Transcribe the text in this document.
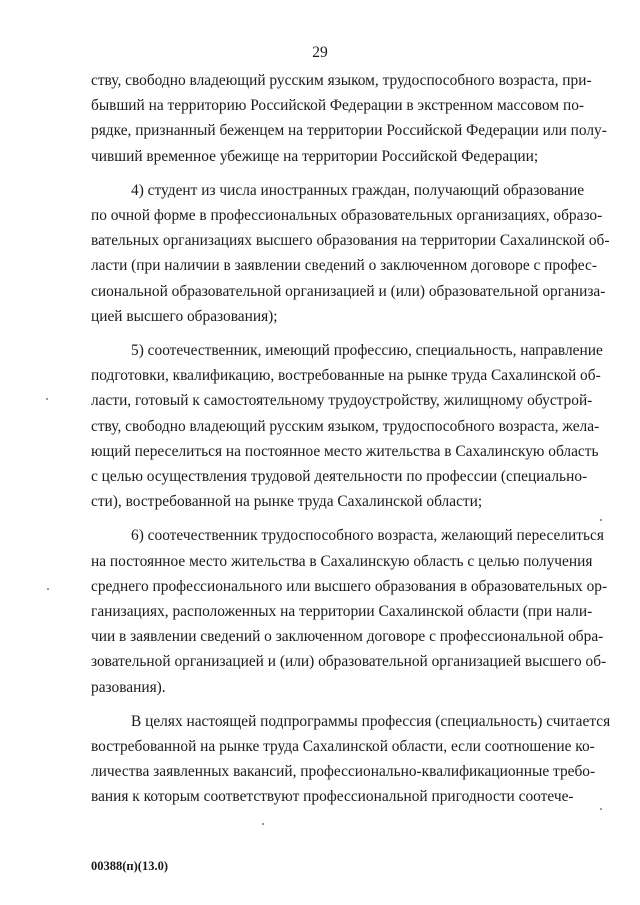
29

ству, свободно владеющий русским языком, трудоспособного возраста, при-
бывший на территорию Российской Федерации в экстренном массовом по-
рядке, признанный беженцем на территории Российской Федерации или полу-
чивший временное убежище на территории Российской Федерации;

4) студент из числа иностранных граждан, получающий образование
по очной форме в профессиональных образовательных организациях, образо-
вательных организациях высшего образования на территории Сахалинской об-
ласти (при наличии в заявлении сведений о заключенном договоре с профес-
сиональной образовательной организацией и (или) образовательной организа-
цией высшего образования);

5) соотечественник, имеющий профессию, специальность, направление
подготовки, квалификацию, востребованные на рынке труда Сахалинской об-
ласти, готовый к самостоятельному трудоустройству, жилищному обустрой-
ству, свободно владеющий русским языком, трудоспособного возраста, жела-
ющий переселиться на постоянное место жительства в Сахалинскую область
с целью осуществления трудовой деятельности по профессии (специально-
сти), востребованной на рынке труда Сахалинской области;

6) соотечественник трудоспособного возраста, желающий переселиться
на постоянное место жительства в Сахалинскую область с целью получения
среднего профессионального или высшего образования в образовательных ор-
ганизациях, расположенных на территории Сахалинской области (при нали-
чии в заявлении сведений о заключенном договоре с профессиональной обра-
зовательной организацией и (или) образовательной организацией высшего об-
разования).

В целях настоящей подпрограммы профессия (специальность) считается
востребованной на рынке труда Сахалинской области, если соотношение ко-
личества заявленных вакансий, профессионально-квалификационные требо-
вания к которым соответствуют профессиональной пригодности соотече-

00388(п)(13.0)
